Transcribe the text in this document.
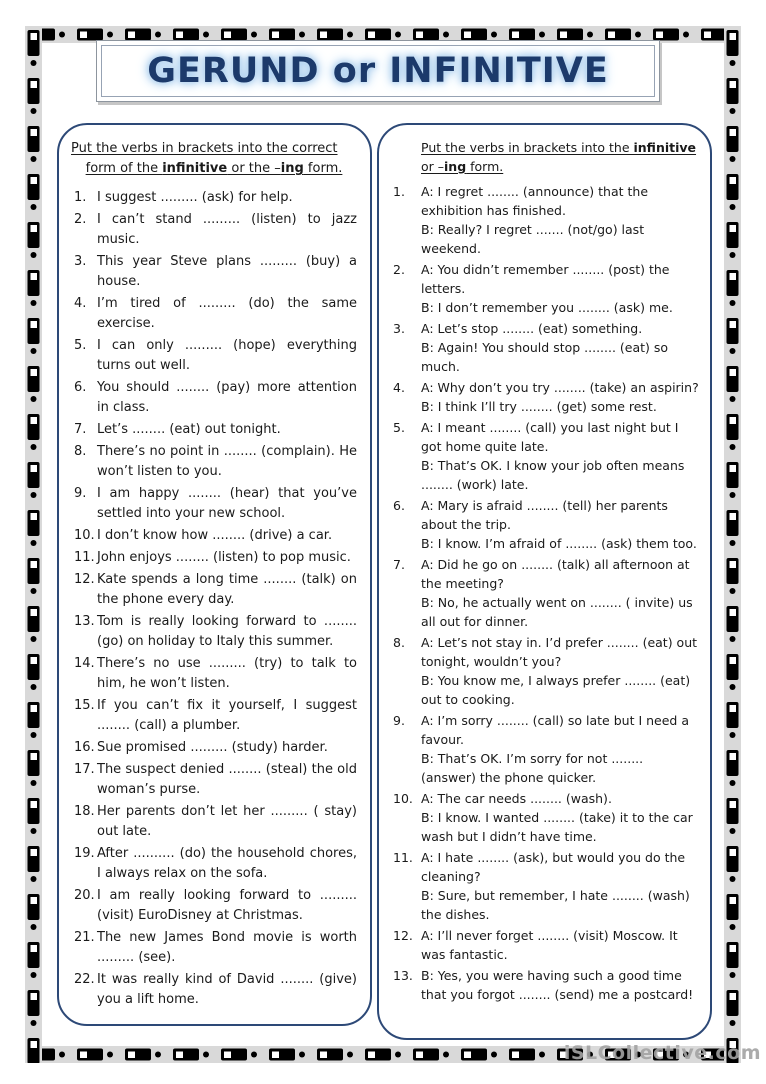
GERUND or INFINITIVE
Put the verbs in brackets into the correct
form of the infinitive or the –ing form.
1. I suggest ......... (ask) for help.
2. I can’t stand ......... (listen) to jazz music.
3. This year Steve plans ......... (buy) a house.
4. I’m tired of ......... (do) the same exercise.
5. I can only ......... (hope) everything turns out well.
6. You should ........ (pay) more attention in class.
7. Let’s ........ (eat) out tonight.
8. There’s no point in ........ (complain). He won’t listen to you.
9. I am happy ........ (hear) that you’ve settled into your new school.
10. I don’t know how ........ (drive) a car.
11. John enjoys ........ (listen) to pop music.
12. Kate spends a long time ........ (talk) on the phone every day.
13. Tom is really looking forward to ........ (go) on holiday to Italy this summer.
14. There’s no use ......... (try) to talk to him, he won’t listen.
15. If you can’t fix it yourself, I suggest ........ (call) a plumber.
16. Sue promised ......... (study) harder.
17. The suspect denied ........ (steal) the old woman’s purse.
18. Her parents don’t let her ......... ( stay) out late.
19. After .......... (do) the household chores, I always relax on the sofa.
20. I am really looking forward to ......... (visit) EuroDisney at Christmas.
21. The new James Bond movie is worth ......... (see).
22. It was really kind of David ........ (give) you a lift home.
Put the verbs in brackets into the infinitive
or –ing form.
1.	A: I regret ........ (announce) that the exhibition has finished.
B: Really? I regret ....... (not/go) last weekend.
2.	A: You didn’t remember ........ (post) the letters.
B: I don’t remember you ........ (ask) me.
3.	A: Let’s stop ........ (eat) something.
B: Again! You should stop ........ (eat) so much.
4.	A: Why don’t you try ........ (take) an aspirin?
B: I think I’ll try ........ (get) some rest.
5.	A: I meant ........ (call) you last night but I got home quite late.
B: That’s OK. I know your job often means ........ (work) late.
6.	A: Mary is afraid ........ (tell) her parents about the trip.
B: I know. I’m afraid of ........ (ask) them too.
7.	A: Did he go on ........ (talk) all afternoon at the meeting?
B: No, he actually went on ........ ( invite) us all out for dinner.
8.	A: Let’s not stay in. I’d prefer ........ (eat) out tonight, wouldn’t you?
B: You know me, I always prefer ........ (eat) out to cooking.
9.	A: I’m sorry ........ (call) so late but I need a favour.
B: That’s OK. I’m sorry for not ........ (answer) the phone quicker.
10. A: The car needs ........ (wash).
B: I know. I wanted ........ (take) it to the car wash but I didn’t have time.
11. A: I hate ........ (ask), but would you do the cleaning?
B: Sure, but remember, I hate ........ (wash) the dishes.
12. A: I’ll never forget ........ (visit) Moscow. It was fantastic.
13. B: Yes, you were having such a good time that you forgot ........ (send) me a postcard!
iSLCollective.com
